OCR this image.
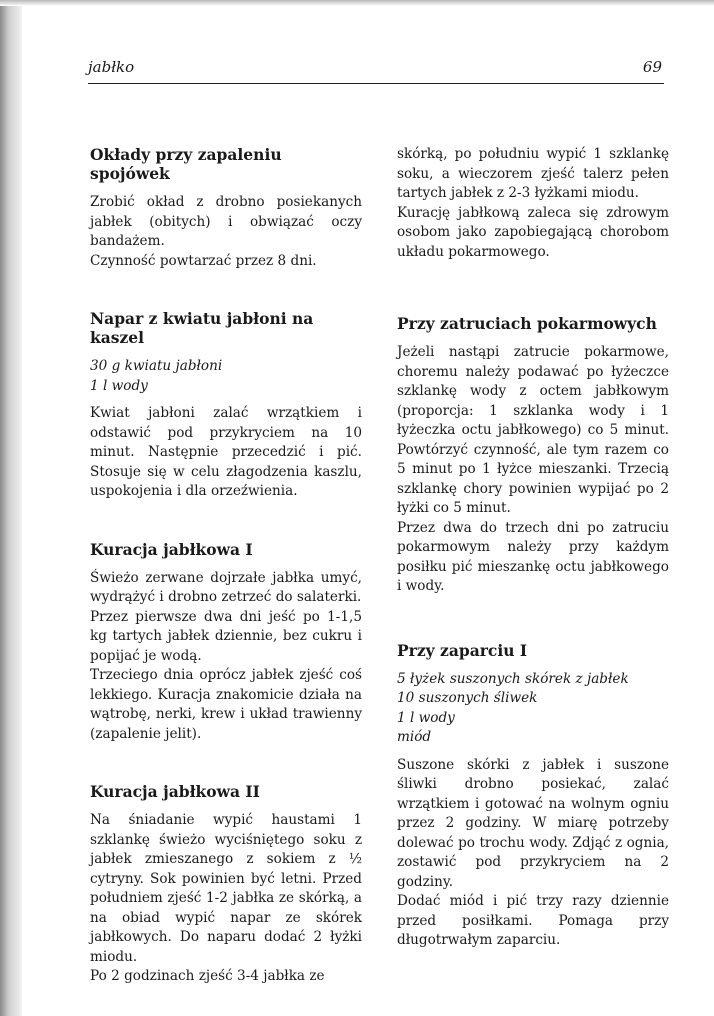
jabłko	69
Okłady przy zapaleniu spojówek

Zrobić okład z drobno posiekanych jabłek (obitych) i obwiązać oczy bandażem.

Czynność powtarzać przez 8 dni.

Napar z kwiatu jabłoni na kaszel
30 g kwiatu jabłoni
1 l wody

Kwiat jabłoni zalać wrzątkiem i odstawić pod przykryciem na 10 minut. Następnie przecedzić i pić. Stosuje się w celu złagodzenia kaszlu, uspokojenia i dla orzeźwienia.

Kuracja jabłkowa I

Świeżo zerwane dojrzałe jabłka umyć, wydrążyć i drobno zetrzeć do salaterki.

Przez pierwsze dwa dni jeść po 1-1,5 kg tartych jabłek dziennie, bez cukru i popijać je wodą.

Trzeciego dnia oprócz jabłek zjeść coś lekkiego. Kuracja znakomicie działa na wątrobę, nerki, krew i układ trawienny (zapalenie jelit).

Kuracja jabłkowa II

Na śniadanie wypić haustami 1 szklankę świeżo wyciśniętego soku z jabłek zmieszanego z sokiem z ½ cytryny. Sok powinien być letni. Przed południem zjeść 1-2 jabłka ze skórką, a na obiad wypić napar ze skórek jabłkowych. Do naparu dodać 2 łyżki miodu.

Po 2 godzinach zjeść 3-4 jabłka ze

skórką, po południu wypić 1 szklankę soku, a wieczorem zjeść talerz pełen tartych jabłek z 2-3 łyżkami miodu.

Kurację jabłkową zaleca się zdrowym osobom jako zapobiegającą chorobom układu pokarmowego.

Przy zatruciach pokarmowych

Jeżeli nastąpi zatrucie pokarmowe, choremu należy podawać po łyżeczce szklankę wody z octem jabłkowym (proporcja: 1 szklanka wody i 1 łyżeczka octu jabłkowego) co 5 minut. Powtórzyć czynność, ale tym razem co 5 minut po 1 łyżce mieszanki. Trzecią szklankę chory powinien wypijać po 2 łyżki co 5 minut.

Przez dwa do trzech dni po zatruciu pokarmowym należy przy każdym posiłku pić mieszankę octu jabłkowego i wody.

Przy zaparciu I
5 łyżek suszonych skórek z jabłek
10 suszonych śliwek
1 l wody
miód

Suszone skórki z jabłek i suszone śliwki drobno posiekać, zalać wrzątkiem i gotować na wolnym ogniu przez 2 godziny. W miarę potrzeby dolewać po trochu wody. Zdjąć z ognia, zostawić pod przykryciem na 2 godziny.

Dodać miód i pić trzy razy dziennie przed posiłkami. Pomaga przy długotrwałym zaparciu.
